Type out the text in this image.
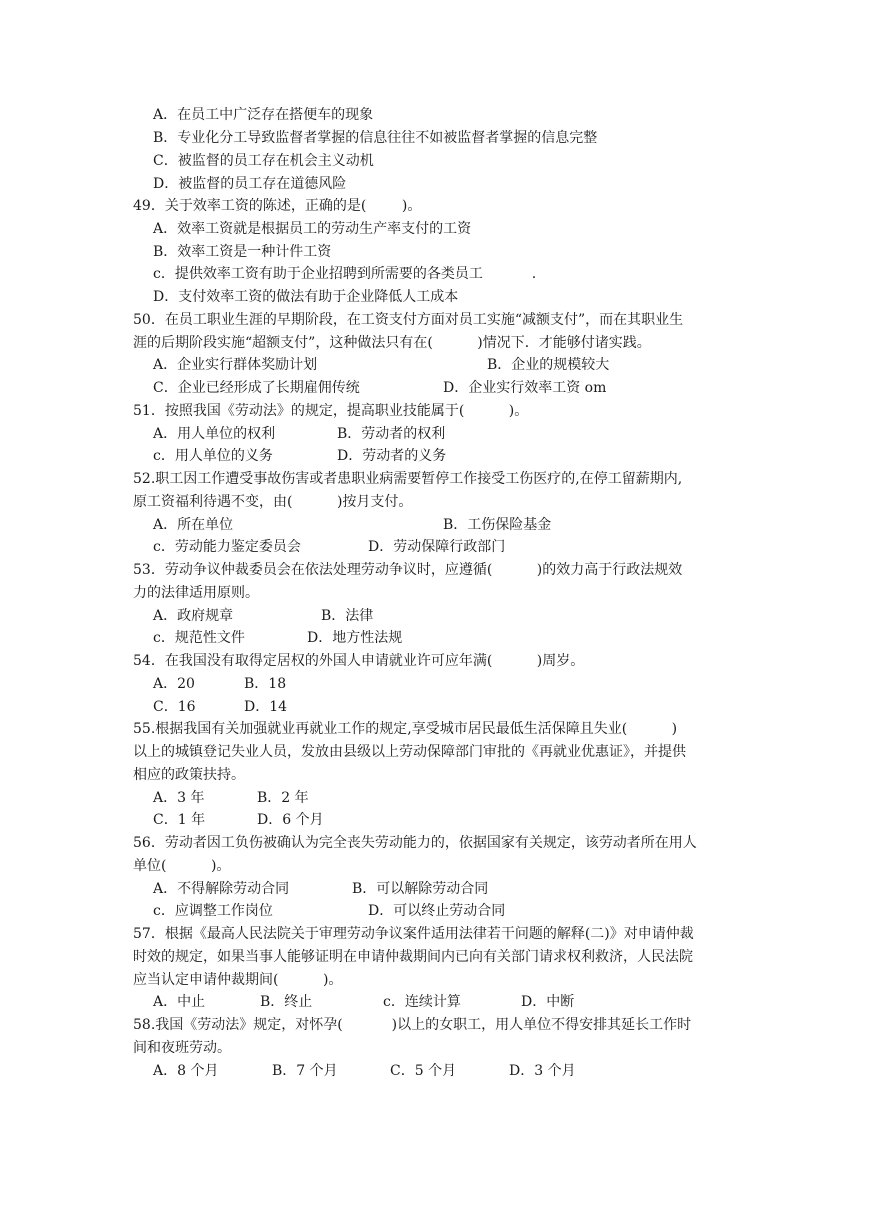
A．在员工中广泛存在搭便车的现象
B．专业化分工导致监督者掌握的信息往往不如被监督者掌握的信息完整
C．被监督的员工存在机会主义动机
D．被监督的员工存在道德风险
49．关于效率工资的陈述，正确的是(        )。
A．效率工资就是根据员工的劳动生产率支付的工资
B．效率工资是一种计件工资
c．提供效率工资有助于企业招聘到所需要的各类员工           .
D．支付效率工资的做法有助于企业降低人工成本
50．在员工职业生涯的早期阶段，在工资支付方面对员工实施“减额支付”，而在其职业生
涯的后期阶段实施“超额支付”，这种做法只有在(          )情况下．才能够付诸实践。

A．企业实行群体奖励计划

	B．企业的规模较大

C．企业已经形成了长期雇佣传统

	D．企业实行效率工资 om

51．按照我国《劳动法》的规定，提高职业技能属于(          )。

A．用人单位的权利

	B．劳动者的权利

c．用人单位的义务

	D．劳动者的义务

52.职工因工作遭受事故伤害或者患职业病需要暂停工作接受工伤医疗的,在停工留薪期内,
原工资福利待遇不变，由(          )按月支付。

A．所在单位

	B．工伤保险基金

c．劳动能力鉴定委员会

	D．劳动保障行政部门

53．劳动争议仲裁委员会在依法处理劳动争议时，应遵循(          )的效力高于行政法规效
力的法律适用原则。

A．政府规章

	B．法律

c．规范性文件

	D．地方性法规

54．在我国没有取得定居权的外国人申请就业许可应年满(          )周岁。

A．20

	B．18

C．16

	D．14

55.根据我国有关加强就业再就业工作的规定,享受城市居民最低生活保障且失业(          )
以上的城镇登记失业人员，发放由县级以上劳动保障部门审批的《再就业优惠证》，并提供
相应的政策扶持。

A．3 年

	B．2 年

C．1 年

	D．6 个月

56．劳动者因工负伤被确认为完全丧失劳动能力的，依据国家有关规定，该劳动者所在用人
单位(          )。

A．不得解除劳动合同

	B．可以解除劳动合同

c．应调整工作岗位

	D．可以终止劳动合同

57．根据《最高人民法院关于审理劳动争议案件适用法律若干问题的解释(二)》对申请仲裁
时效的规定，如果当事人能够证明在申请仲裁期间内已向有关部门请求权利救济，人民法院
应当认定申请仲裁期间(          )。

A．中止

	B．终止

	c．连续计算

	D．中断

58.我国《劳动法》规定，对怀孕(           )以上的女职工，用人单位不得安排其延长工作时
间和夜班劳动。

A．8 个月

	B．7 个月

	C．5 个月

	D．3 个月
